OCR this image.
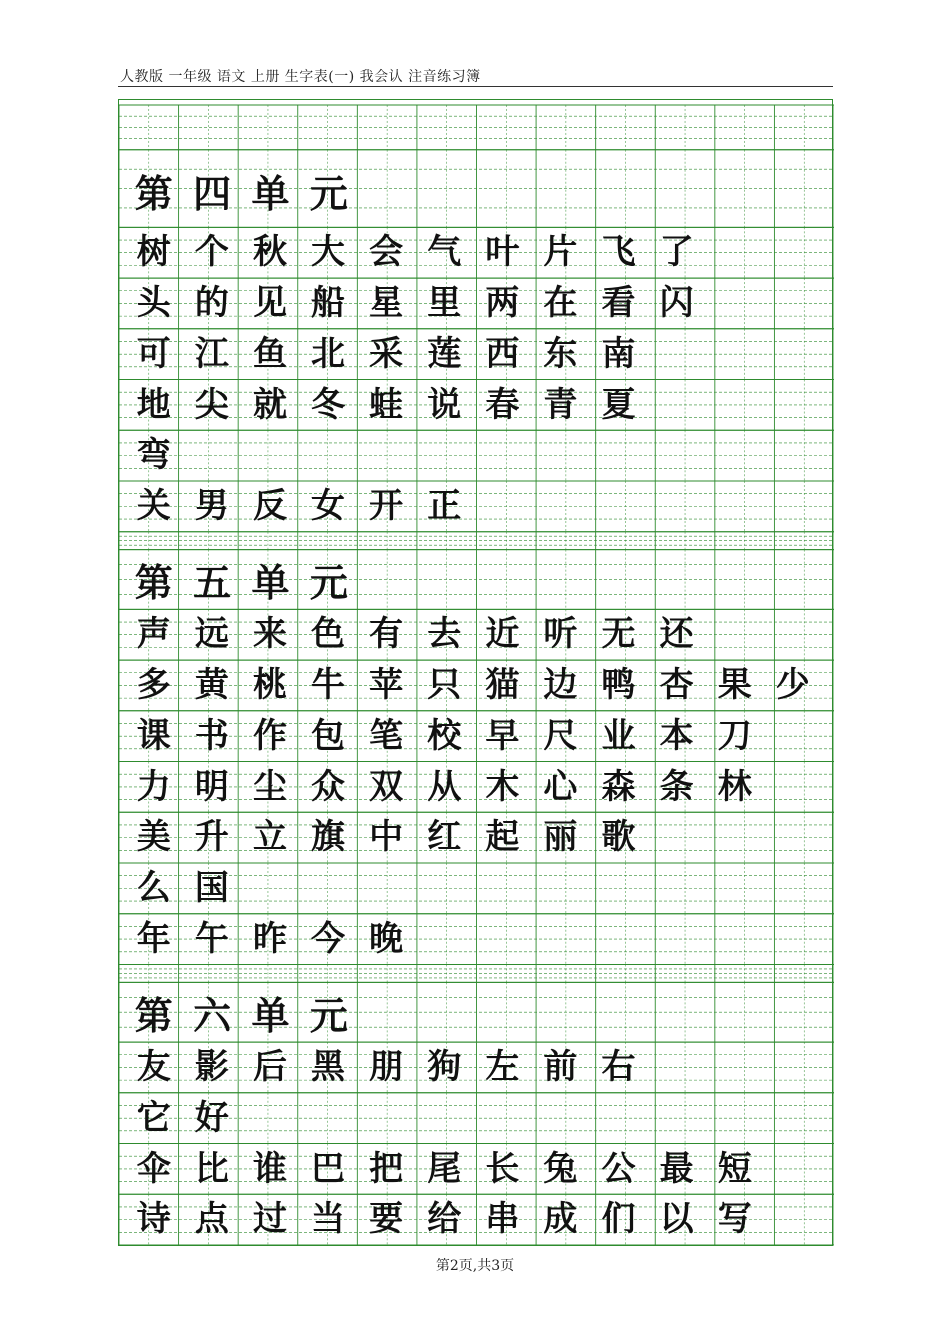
人教版 一年级 语文 上册 生字表(一) 我会认 注音练习簿
第 四 单 元
树 个 秋 大 会 气 叶 片 飞 了
头 的 见 船 星 里 两 在 看 闪
可 江 鱼 北 采 莲 西 东 南
地 尖 就 冬 蛙 说 春 青 夏
弯
关 男 反 女 开 正
第 五 单 元
声 远 来 色 有 去 近 听 无 还
多 黄 桃 牛 苹 只 猫 边 鸭 杏 果 少
课 书 作 包 笔 校 早 尺 业 本 刀
力 明 尘 众 双 从 木 心 森 条 林
美 升 立 旗 中 红 起 丽 歌
么 国
年 午 昨 今 晚
第 六 单 元
友 影 后 黑 朋 狗 左 前 右
它 好
伞 比 谁 巴 把 尾 长 兔 公 最 短
诗 点 过 当 要 给 串 成 们 以 写
第2页,共3页
